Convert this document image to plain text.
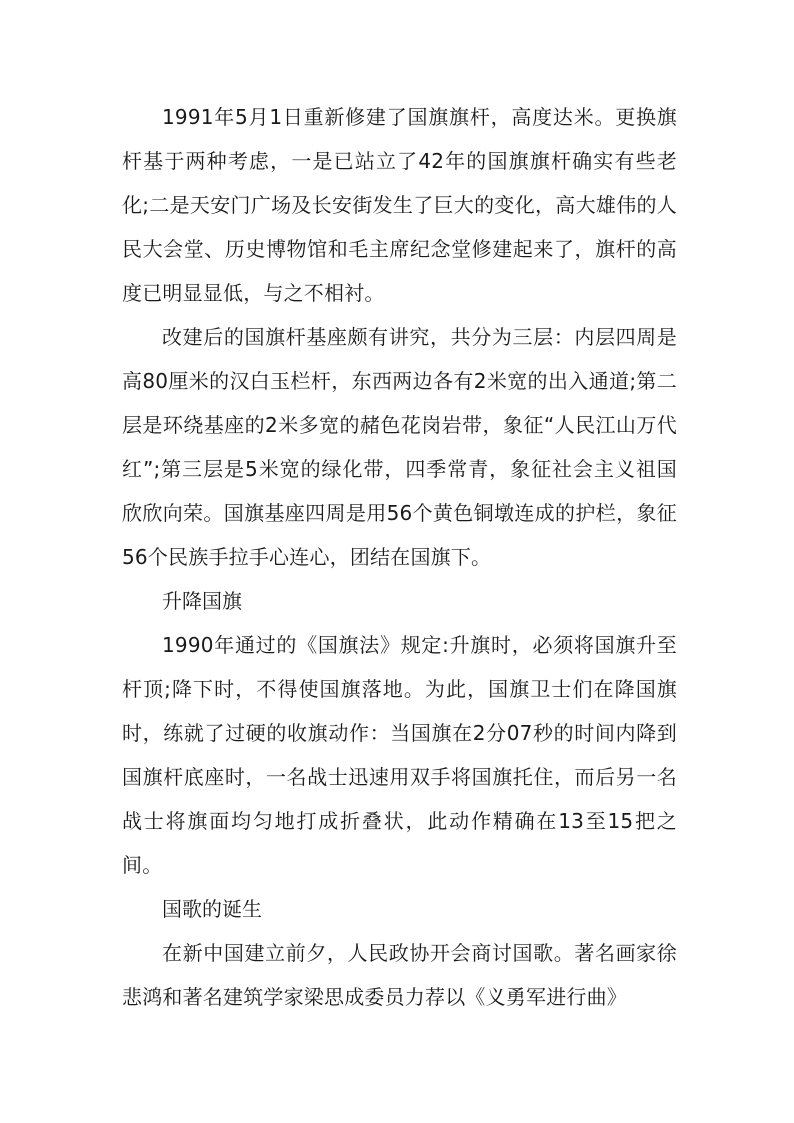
1991年5月1日重新修建了国旗旗杆，高度达米。更换旗杆基于两种考虑，一是已站立了42年的国旗旗杆确实有些老化;二是天安门广场及长安街发生了巨大的变化，高大雄伟的人民大会堂、历史博物馆和毛主席纪念堂修建起来了，旗杆的高度已明显显低，与之不相衬。

改建后的国旗杆基座颇有讲究，共分为三层：内层四周是高80厘米的汉白玉栏杆，东西两边各有2米宽的出入通道;第二层是环绕基座的2米多宽的赭色花岗岩带，象征“人民江山万代红”;第三层是5米宽的绿化带，四季常青，象征社会主义祖国欣欣向荣。国旗基座四周是用56个黄色铜墩连成的护栏，象征56个民族手拉手心连心，团结在国旗下。

升降国旗

1990年通过的《国旗法》规定:升旗时，必须将国旗升至杆顶;降下时，不得使国旗落地。为此，国旗卫士们在降国旗时，练就了过硬的收旗动作：当国旗在2分07秒的时间内降到国旗杆底座时，一名战士迅速用双手将国旗托住，而后另一名战士将旗面均匀地打成折叠状，此动作精确在13至15把之间。

国歌的诞生

在新中国建立前夕，人民政协开会商讨国歌。著名画家徐悲鸿和著名建筑学家梁思成委员力荐以《义勇军进行曲》
